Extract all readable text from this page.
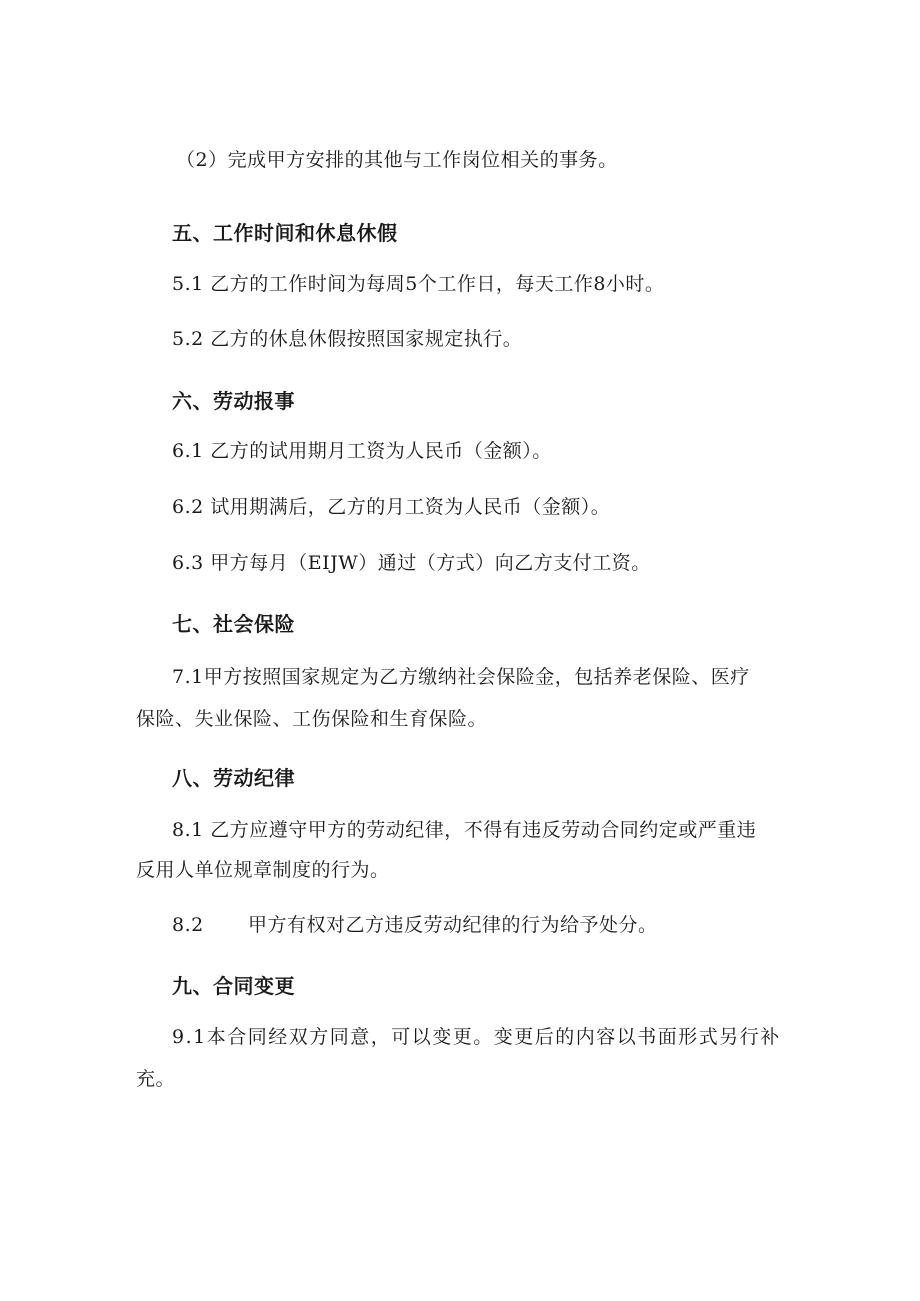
（2）完成甲方安排的其他与工作岗位相关的事务。
五、工作时间和休息休假
5.1 乙方的工作时间为每周5个工作日，每天工作8小时。
5.2 乙方的休息休假按照国家规定执行。
六、劳动报事
6.1 乙方的试用期月工资为人民币（金额）。
6.2 试用期满后，乙方的月工资为人民币（金额）。
6.3 甲方每月（EIJW）通过（方式）向乙方支付工资。
七、社会保险
7.1甲方按照国家规定为乙方缴纳社会保险金，包括养老保险、医疗
保险、失业保险、工伤保险和生育保险。
八、劳动纪律
8.1 乙方应遵守甲方的劳动纪律，不得有违反劳动合同约定或严重违
反用人单位规章制度的行为。
8.2 甲方有权对乙方违反劳动纪律的行为给予处分。
九、合同变更
9.1本合同经双方同意，可以变更。变更后的内容以书面形式另行补
充。
